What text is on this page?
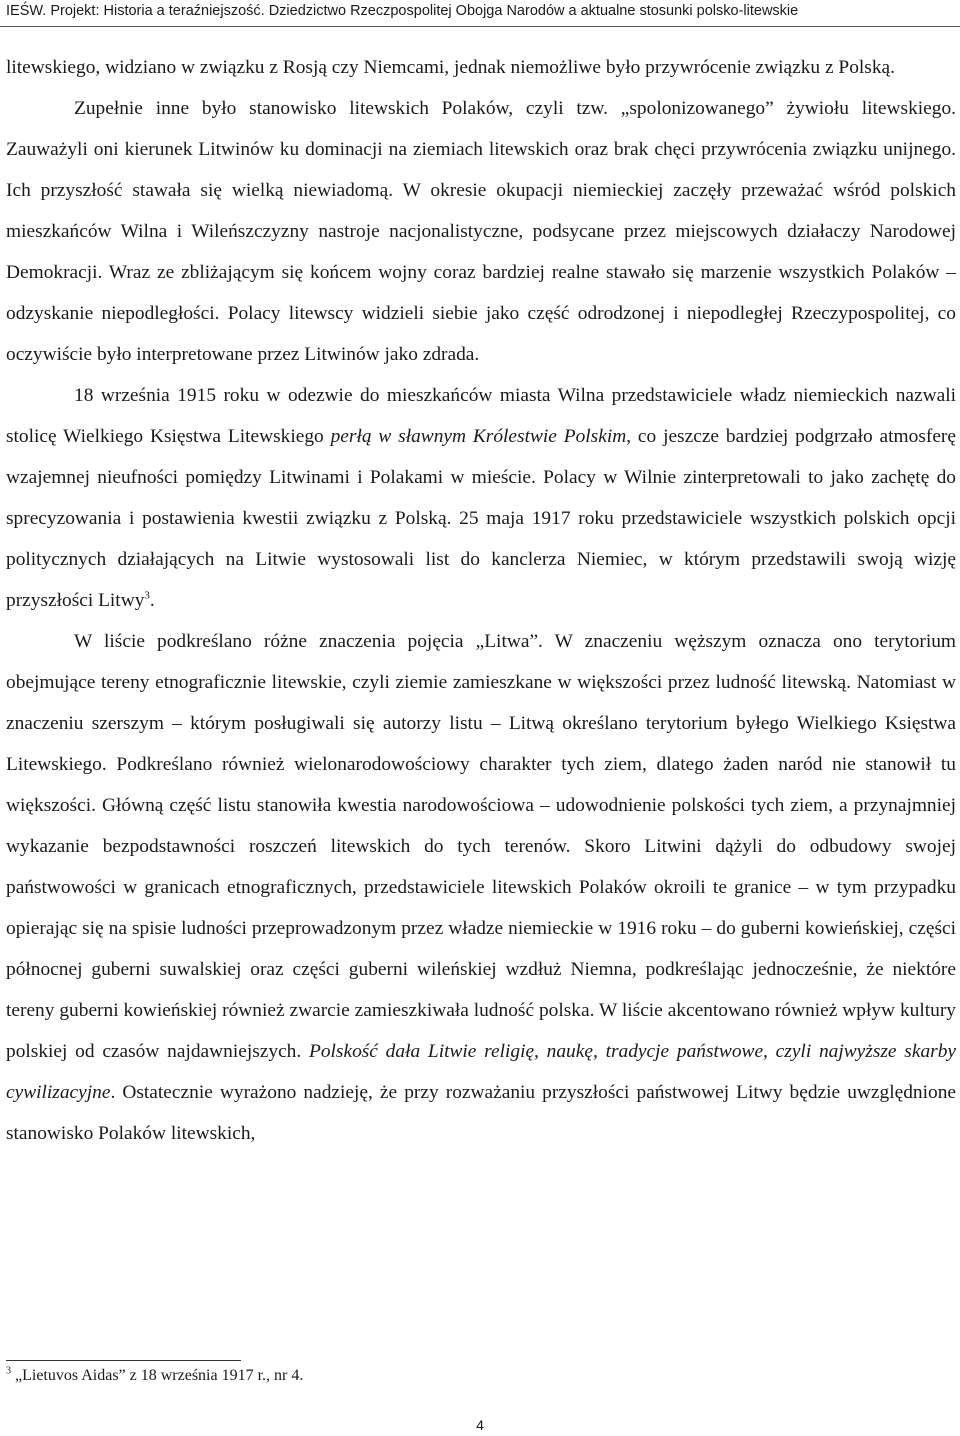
IEŚW. Projekt: Historia a teraźniejszość. Dziedzictwo Rzeczpospolitej Obojga Narodów a aktualne stosunki polsko-litewskie

litewskiego, widziano w związku z Rosją czy Niemcami, jednak niemożliwe było przywrócenie związku z Polską.

Zupełnie inne było stanowisko litewskich Polaków, czyli tzw. „spolonizowanego” żywiołu litewskiego. Zauważyli oni kierunek Litwinów ku dominacji na ziemiach litewskich oraz brak chęci przywrócenia związku unijnego. Ich przyszłość stawała się wielką niewiadomą. W okresie okupacji niemieckiej zaczęły przeważać wśród polskich mieszkańców Wilna i Wileńszczyzny nastroje nacjonalistyczne, podsycane przez miejscowych działaczy Narodowej Demokracji. Wraz ze zbliżającym się końcem wojny coraz bardziej realne stawało się marzenie wszystkich Polaków – odzyskanie niepodległości. Polacy litewscy widzieli siebie jako część odrodzonej i niepodległej Rzeczypospolitej, co oczywiście było interpretowane przez Litwinów jako zdrada.

18 września 1915 roku w odezwie do mieszkańców miasta Wilna przedstawiciele władz niemieckich nazwali stolicę Wielkiego Księstwa Litewskiego perłą w sławnym Królestwie Polskim, co jeszcze bardziej podgrzało atmosferę wzajemnej nieufności pomiędzy Litwinami i Polakami w mieście. Polacy w Wilnie zinterpretowali to jako zachętę do sprecyzowania i postawienia kwestii związku z Polską. 25 maja 1917 roku przedstawiciele wszystkich polskich opcji politycznych działających na Litwie wystosowali list do kanclerza Niemiec, w którym przedstawili swoją wizję przyszłości Litwy$^3$.

W liście podkreślano różne znaczenia pojęcia „Litwa”. W znaczeniu węższym oznacza ono terytorium obejmujące tereny etnograficznie litewskie, czyli ziemie zamieszkane w większości przez ludność litewską. Natomiast w znaczeniu szerszym – którym posługiwali się autorzy listu – Litwą określano terytorium byłego Wielkiego Księstwa Litewskiego. Podkreślano również wielonarodowościowy charakter tych ziem, dlatego żaden naród nie stanowił tu większości. Główną część listu stanowiła kwestia narodowościowa – udowodnienie polskości tych ziem, a przynajmniej wykazanie bezpodstawności roszczeń litewskich do tych terenów. Skoro Litwini dążyli do odbudowy swojej państwowości w granicach etnograficznych, przedstawiciele litewskich Polaków okroili te granice – w tym przypadku opierając się na spisie ludności przeprowadzonym przez władze niemieckie w 1916 roku – do guberni kowieńskiej, części północnej guberni suwalskiej oraz części guberni wileńskiej wzdłuż Niemna, podkreślając jednocześnie, że niektóre tereny guberni kowieńskiej również zwarcie zamieszkiwała ludność polska. W liście akcentowano również wpływ kultury polskiej od czasów najdawniejszych. Polskość dała Litwie religię, naukę, tradycje państwowe, czyli najwyższe skarby cywilizacyjne. Ostatecznie wyrażono nadzieję, że przy rozważaniu przyszłości państwowej Litwy będzie uwzględnione stanowisko Polaków litewskich,

$^3$ „Lietuvos Aidas” z 18 września 1917 r., nr 4.
4
